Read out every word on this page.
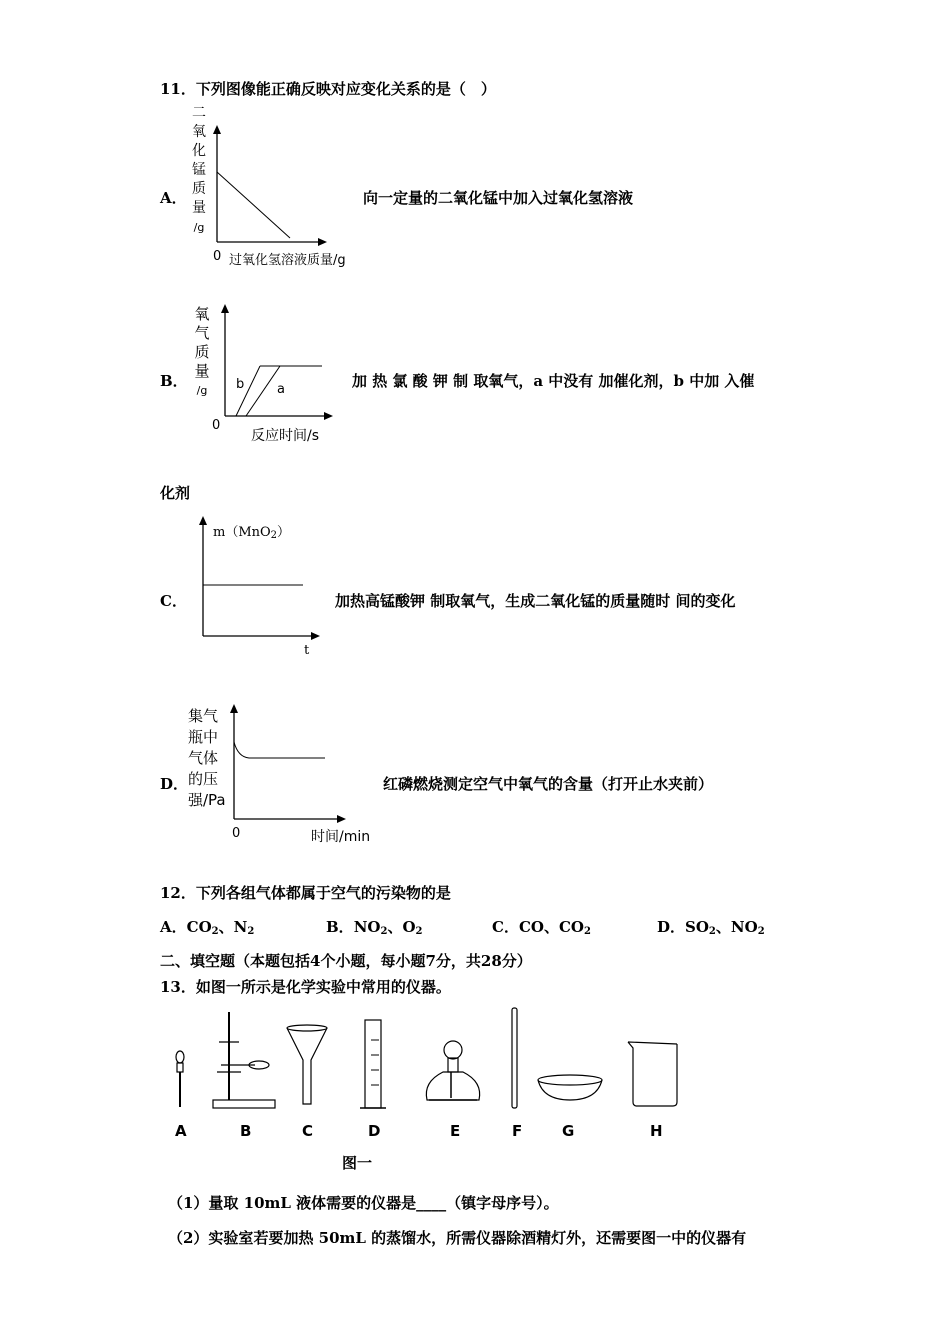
11．下列图像能正确反映对应变化关系的是（　）
A．
二
氧
化
锰
质
量
/g
0 过氧化氢溶液质量/g
向一定量的二氧化锰中加入过氧化氢溶液
B．
氧
气
质
量
/g	b	a
0
反应时间/s
加 热 氯 酸 钾 制 取氧气，a 中没有 加催化剂，b 中加 入催
化剂
C．
m（MnO$_2$）
t
加热高锰酸钾 制取氧气，生成二氧化锰的质量随时 间的变化
D．
集气
瓶中
气体
的压
强/Pa
0	时间/min
红磷燃烧测定空气中氧气的含量（打开止水夹前）
12．下列各组气体都属于空气的污染物的是
A．$CO_2$、$N_2$	B．$NO_2$、$O_2$	C．CO、$CO_2$	D．$SO_2$、$NO_2$
二、填空题（本题包括4个小题，每小题7分，共28分）
13．如图一所示是化学实验中常用的仪器。
A	B	C	D	E	F	G	H
图一
（1）量取 10mL 液体需要的仪器是____（镇字母序号）。
（2）实验室若要加热 50mL 的蒸馏水，所需仪器除酒精灯外，还需要图一中的仪器有
